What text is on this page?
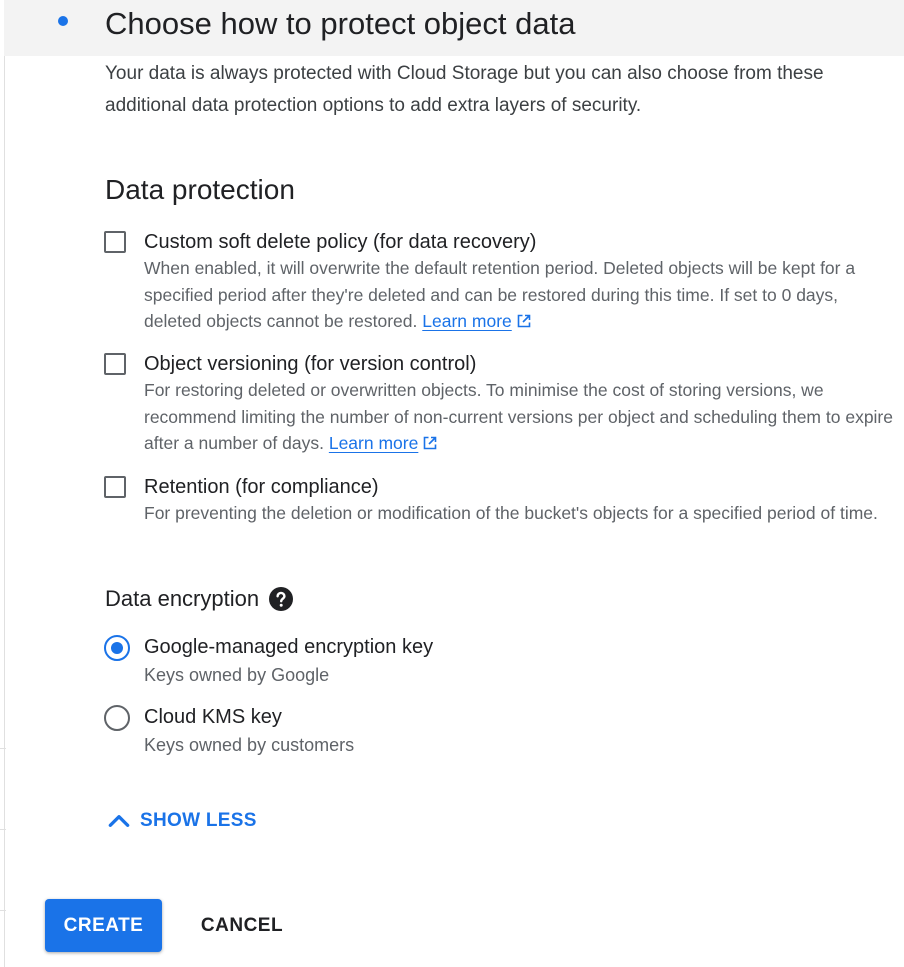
Choose how to protect object data
Your data is always protected with Cloud Storage but you can also choose from these additional data protection options to add extra layers of security.
Data protection
Custom soft delete policy (for data recovery)
When enabled, it will overwrite the default retention period. Deleted objects will be kept for a specified period after they're deleted and can be restored during this time. If set to 0 days, deleted objects cannot be restored. Learn more
Object versioning (for version control)
For restoring deleted or overwritten objects. To minimise the cost of storing versions, we recommend limiting the number of non-current versions per object and scheduling them to expire after a number of days. Learn more
Retention (for compliance)
For preventing the deletion or modification of the bucket's objects for a specified period of time.
Data encryption
Google-managed encryption key
Keys owned by Google
Cloud KMS key
Keys owned by customers
SHOW LESS
CREATE	CANCEL
